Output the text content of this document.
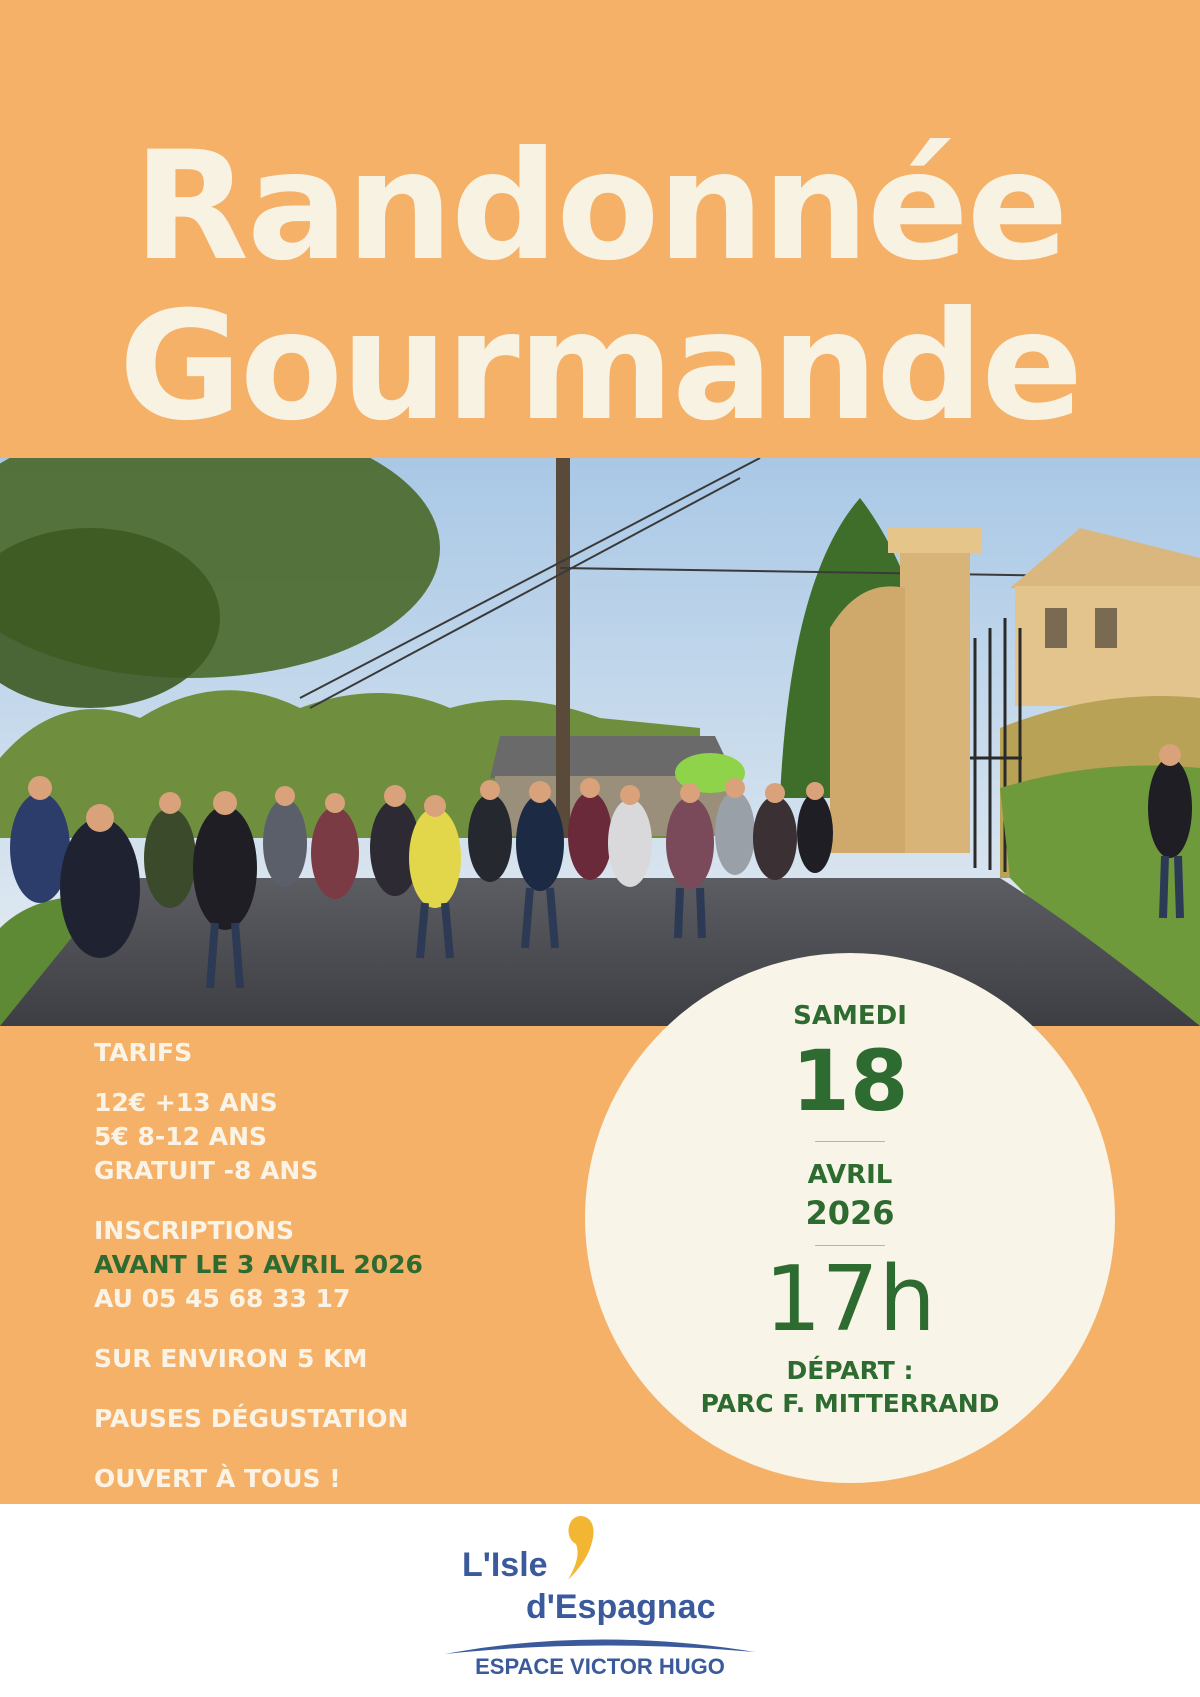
Randonnée
Gourmande
TARIFS
12€ +13 ANS
5€ 8-12 ANS
GRATUIT -8 ANS
INSCRIPTIONS
AVANT LE 3 AVRIL 2026
AU 05 45 68 33 17
SUR ENVIRON 5 KM
PAUSES DÉGUSTATION
OUVERT À TOUS !
SAMEDI
18
AVRIL
2026
17h
DÉPART :
PARC F. MITTERRAND
L'Isle
d'Espagnac
ESPACE VICTOR HUGO
